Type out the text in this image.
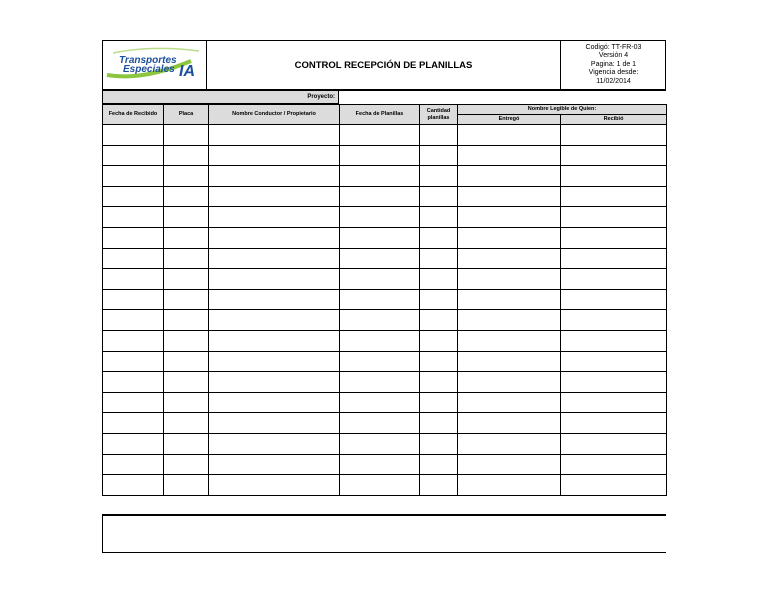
Transportes
Especiales IA	CONTROL RECEPCIÓN DE PLANILLAS
Codigó: TT-FR-03
Versión 4
Pagina: 1 de 1
Vigencia desde:
11/02/2014
Proyecto:
Fecha de Recibido	Placa	Nombre Conductor / Propietario	Fecha de Planillas	Cantidad planillas	Nombre Legible de Quien:	
					Entregó	Recibió
